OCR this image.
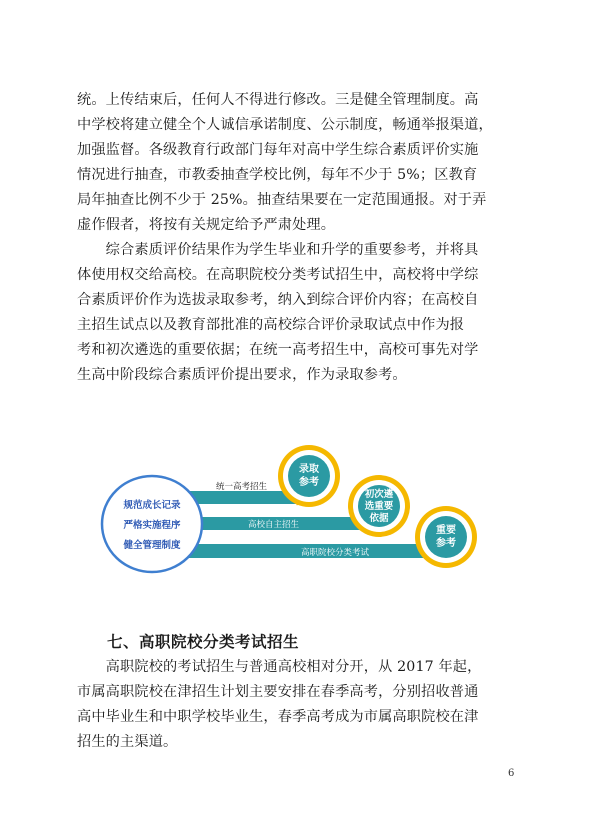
统。上传结束后，任何人不得进行修改。三是健全管理制度。高
中学校将建立健全个人诚信承诺制度、公示制度，畅通举报渠道，
加强监督。各级教育行政部门每年对高中学生综合素质评价实施
情况进行抽查，市教委抽查学校比例，每年不少于 5%；区教育
局年抽查比例不少于 25%。抽查结果要在一定范围通报。对于弄
虚作假者，将按有关规定给予严肃处理。
　　综合素质评价结果作为学生毕业和升学的重要参考，并将具
体使用权交给高校。在高职院校分类考试招生中，高校将中学综
合素质评价作为选拔录取参考，纳入到综合评价内容；在高校自
主招生试点以及教育部批准的高校综合评价录取试点中作为报
考和初次遴选的重要依据；在统一高考招生中，高校可事先对学
生高中阶段综合素质评价提出要求，作为录取参考。
录取
参考
初次遴
选重要
依据
重要
参考
统一高考招生
高校自主招生
高职院校分类考试
规范成长记录
严格实施程序
健全管理制度
七、高职院校分类考试招生
　　高职院校的考试招生与普通高校相对分开，从 2017 年起，
市属高职院校在津招生计划主要安排在春季高考，分别招收普通
高中毕业生和中职学校毕业生，春季高考成为市属高职院校在津
招生的主渠道。
6
